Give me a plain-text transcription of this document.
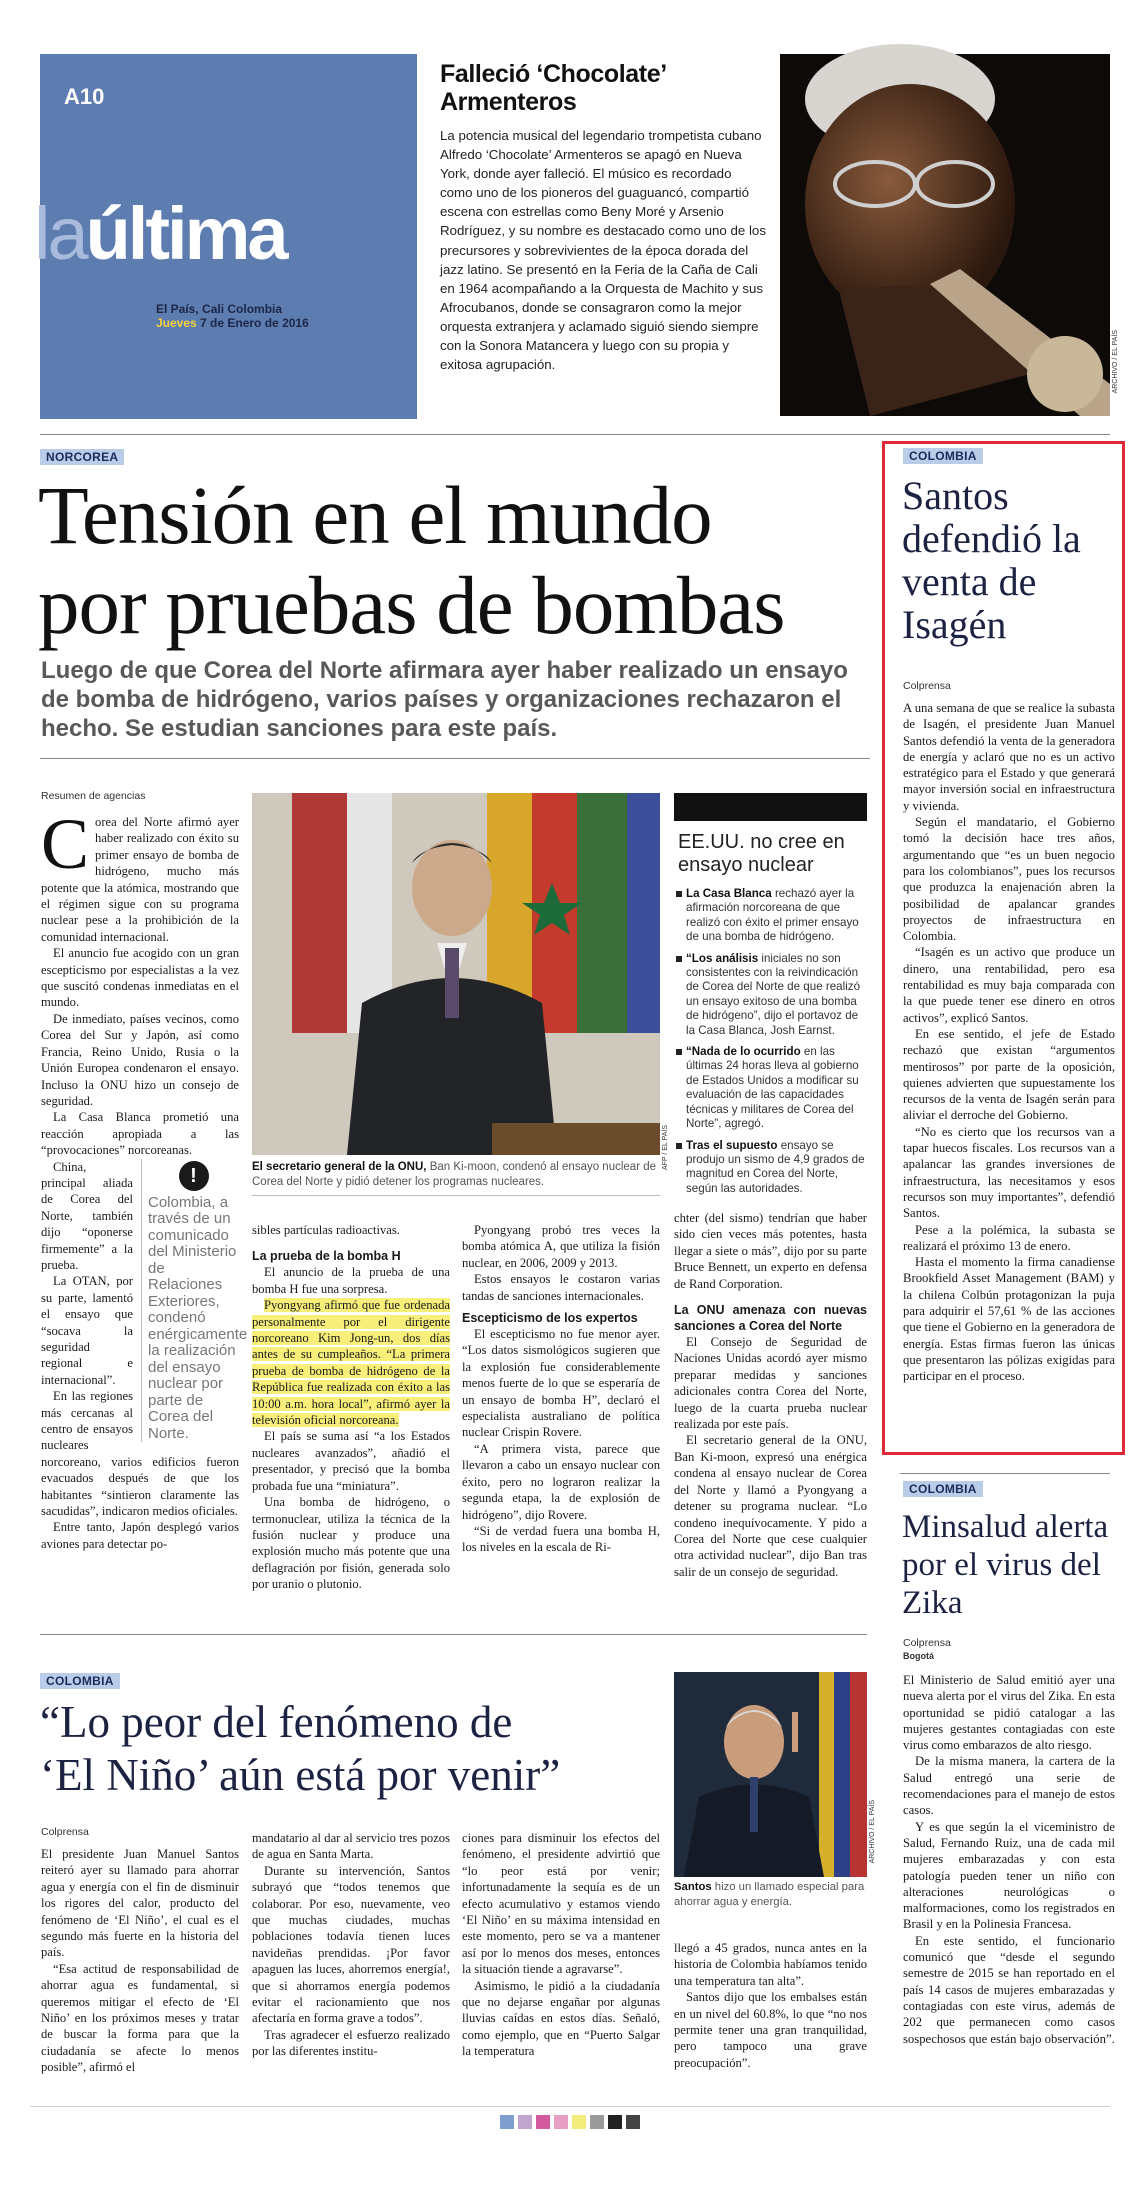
A10
laúltima
El País, Cali Colombia
Jueves 7 de Enero de 2016
Falleció ‘Chocolate’ Armenteros
La potencia musical del legendario trompetista cubano Alfredo ‘Chocolate’ Armenteros se apagó en Nueva York, donde ayer falleció. El músico es recordado como uno de los pioneros del guaguancó, compartió escena con estrellas como Beny Moré y Arsenio Rodríguez, y su nombre es destacado como uno de los precursores y sobrevivientes de la época dorada del jazz latino. Se presentó en la Feria de la Caña de Cali en 1964 acompañando a la Orquesta de Machito y sus Afrocubanos, donde se consagraron como la mejor orquesta extranjera y aclamado siguió siendo siempre con la Sonora Matancera y luego con su propia y exitosa agrupación.	ARCHIVO / EL PAÍS
NORCOREA
Tensión en el mundo
por pruebas de bombas
Luego de que Corea del Norte afirmara ayer haber realizado un ensayo de bomba de hidrógeno, varios países y organizaciones rechazaron el hecho. Se estudian sanciones para este país.
Resumen de agencias
C orea del Norte afirmó ayer haber realizado con éxito su primer ensayo de bomba de hidrógeno, mucho más potente que la atómica, mostrando que el régimen sigue con su programa nuclear pese a la prohibición de la comunidad internacional.

El anuncio fue acogido con un gran escepticismo por especialistas a la vez que suscitó condenas inmediatas en el mundo.

De inmediato, países vecinos, como Corea del Sur y Japón, así como Francia, Reino Unido, Rusia o la Unión Europea condenaron el ensayo. Incluso la ONU hizo un consejo de seguridad.

La Casa Blanca prometió una reacción apropiada a las “provocaciones” norcoreanas.

!
Colombia, a través de un comunicado del Ministerio de Relaciones Exteriores, condenó enérgicamente la realización del ensayo nuclear por parte de Corea del Norte.

China, principal aliada de Corea del Norte, también dijo “oponerse firmemente” a la prueba.

La OTAN, por su parte, lamentó el ensayo que “socava la seguridad regional e internacional”.

En las regiones más cercanas al centro de ensayos nucleares norcoreano, varios edificios fueron evacuados después de que los habitantes “sintieron claramente las sacudidas”, indicaron medios oficiales.

Entre tanto, Japón desplegó varios aviones para detectar po-

AFP / EL PAÍS
El secretario general de la ONU, Ban Ki-moon, condenó al ensayo nuclear de Corea del Norte y pidió detener los programas nucleares.
EE.UU. no cree en ensayo nuclear
La Casa Blanca rechazó ayer la afirmación norcoreana de que realizó con éxito el primer ensayo de una bomba de hidrógeno.
“Los análisis iniciales no son consistentes con la reivindicación de Corea del Norte de que realizó un ensayo exitoso de una bomba de hidrógeno”, dijo el portavoz de la Casa Blanca, Josh Earnst.
“Nada de lo ocurrido en las últimas 24 horas lleva al gobierno de Estados Unidos a modificar su evaluación de las capacidades técnicas y militares de Corea del Norte”, agregó.
Tras el supuesto ensayo se produjo un sismo de 4,9 grados de magnitud en Corea del Norte, según las autoridades.

sibles partículas radioactivas.

La prueba de la bomba H

El anuncio de la prueba de una bomba H fue una sorpresa.

Pyongyang afirmó que fue ordenada personalmente por el dirigente norcoreano Kim Jong-un, dos días antes de su cumpleaños. “La primera prueba de bomba de hidrógeno de la República fue realizada con éxito a las 10:00 a.m. hora local”, afirmó ayer la televisión oficial norcoreana.

El país se suma así “a los Estados nucleares avanzados”, añadió el presentador, y precisó que la bomba probada fue una “miniatura”.

Una bomba de hidrógeno, o termonuclear, utiliza la técnica de la fusión nuclear y produce una explosión mucho más potente que una deflagración por fisión, generada solo por uranio o plutonio.

Pyongyang probó tres veces la bomba atómica A, que utiliza la fisión nuclear, en 2006, 2009 y 2013.

Estos ensayos le costaron varias tandas de sanciones internacionales.

Escepticismo de los expertos

El escepticismo no fue menor ayer. “Los datos sismológicos sugieren que la explosión fue considerablemente menos fuerte de lo que se esperaría de un ensayo de bomba H”, declaró el especialista australiano de política nuclear Crispin Rovere.

“A primera vista, parece que llevaron a cabo un ensayo nuclear con éxito, pero no lograron realizar la segunda etapa, la de explosión de hidrógeno”, dijo Rovere.

“Si de verdad fuera una bomba H, los niveles en la escala de Ri-

chter (del sismo) tendrían que haber sido cien veces más potentes, hasta llegar a siete o más”, dijo por su parte Bruce Bennett, un experto en defensa de Rand Corporation.

La ONU amenaza con nuevas sanciones a Corea del Norte

El Consejo de Seguridad de Naciones Unidas acordó ayer mismo preparar medidas y sanciones adicionales contra Corea del Norte, luego de la cuarta prueba nuclear realizada por este país.

El secretario general de la ONU, Ban Ki-moon, expresó una enérgica condena al ensayo nuclear de Corea del Norte y llamó a Pyongyang a detener su programa nuclear. “Lo condeno inequívocamente. Y pido a Corea del Norte que cese cualquier otra actividad nuclear”, dijo Ban tras salir de un consejo de seguridad.

COLOMBIA
Santos defendió la venta de Isagén
Colprensa

A una semana de que se realice la subasta de Isagén, el presidente Juan Manuel Santos defendió la venta de la generadora de energía y aclaró que no es un activo estratégico para el Estado y que generará mayor inversión social en infraestructura y vivienda.

Según el mandatario, el Gobierno tomó la decisión hace tres años, argumentando que “es un buen negocio para los colombianos”, pues los recursos que produzca la enajenación abren la posibilidad de apalancar grandes proyectos de infraestructura en Colombia.

“Isagén es un activo que produce un dinero, una rentabilidad, pero esa rentabilidad es muy baja comparada con la que puede tener ese dinero en otros activos”, explicó Santos.

En ese sentido, el jefe de Estado rechazó que existan “argumentos mentirosos” por parte de la oposición, quienes advierten que supuestamente los recursos de la venta de Isagén serán para aliviar el derroche del Gobierno.

“No es cierto que los recursos van a tapar huecos fiscales. Los recursos van a apalancar las grandes inversiones de infraestructura, las necesitamos y esos recursos son muy importantes”, defendió Santos.

Pese a la polémica, la subasta se realizará el próximo 13 de enero.

Hasta el momento la firma canadiense Brookfield Asset Management (BAM) y la chilena Colbún protagonizan la puja para adquirir el 57,61 % de las acciones que tiene el Gobierno en la generadora de energía. Estas firmas fueron las únicas que presentaron las pólizas exigidas para participar en el proceso.

COLOMBIA
Minsalud alerta por el virus del Zika
Colprensa
Bogotá

El Ministerio de Salud emitió ayer una nueva alerta por el virus del Zika. En esta oportunidad se pidió catalogar a las mujeres gestantes contagiadas con este virus como embarazos de alto riesgo.

De la misma manera, la cartera de la Salud entregó una serie de recomendaciones para el manejo de estos casos.

Y es que según la el viceministro de Salud, Fernando Ruiz, una de cada mil mujeres embarazadas y con esta patología pueden tener un niño con alteraciones neurológicas o malformaciones, como los registrados en Brasil y en la Polinesia Francesa.

En este sentido, el funcionario comunicó que “desde el segundo semestre de 2015 se han reportado en el país 14 casos de mujeres embarazadas y contagiadas con este virus, además de 202 que permanecen como casos sospechosos que están bajo observación”.

COLOMBIA
“Lo peor del fenómeno de
‘El Niño’ aún está por venir”
Colprensa

El presidente Juan Manuel Santos reiteró ayer su llamado para ahorrar agua y energía con el fin de disminuir los rigores del calor, producto del fenómeno de ‘El Niño’, el cual es el segundo más fuerte en la historia del país.

“Esa actitud de responsabilidad de ahorrar agua es fundamental, si queremos mitigar el efecto de ‘El Niño’ en los próximos meses y tratar de buscar la forma para que la ciudadanía se afecte lo menos posible”, afirmó el

mandatario al dar al servicio tres pozos de agua en Santa Marta.

Durante su intervención, Santos subrayó que “todos tenemos que colaborar. Por eso, nuevamente, veo que muchas ciudades, muchas poblaciones todavía tienen luces navideñas prendidas. ¡Por favor apaguen las luces, ahorremos energía!, que si ahorramos energía podemos evitar el racionamiento que nos afectaría en forma grave a todos”.

Tras agradecer el esfuerzo realizado por las diferentes institu-

ciones para disminuir los efectos del fenómeno, el presidente advirtió que “lo peor está por venir; infortunadamente la sequía es de un efecto acumulativo y estamos viendo ‘El Niño’ en su máxima intensidad en este momento, pero se va a mantener así por lo menos dos meses, entonces la situación tiende a agravarse”.

Asimismo, le pidió a la ciudadanía que no dejarse engañar por algunas lluvias caídas en estos días. Señaló, como ejemplo, que en “Puerto Salgar la temperatura

ARCHIVO / EL PAÍS
Santos hizo un llamado especial para ahorrar agua y energía.

llegó a 45 grados, nunca antes en la historia de Colombia habíamos tenido una temperatura tan alta”.

Santos dijo que los embalses están en un nivel del 60.8%, lo que “no nos permite tener una gran tranquilidad, pero tampoco una grave preocupación”.
